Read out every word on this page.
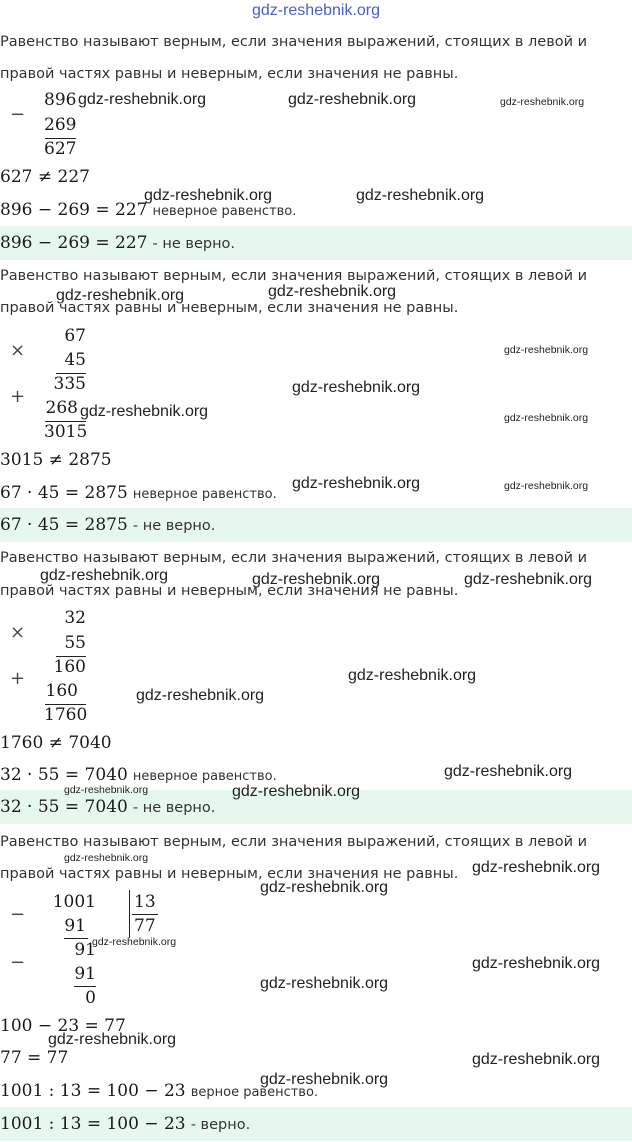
gdz-reshebnik.org
Равенство называют верным, если значения выражений, стоящих в левой и
правой частях равны и неверным, если значения не равны.
−
896
269
627
627 ≠ 227
896 − 269 = 227 неверное равенство.
896 − 269 = 227 - не верно.
Равенство называют верным, если значения выражений, стоящих в левой и
правой частях равны и неверным, если значения не равны.
×
67
45
335
+
268
3015
3015 ≠ 2875
67 · 45 = 2875 неверное равенство.
67 · 45 = 2875 - не верно.
Равенство называют верным, если значения выражений, стоящих в левой и
правой частях равны и неверным, если значения не равны.
×
32
55
160
+
160
1760
1760 ≠ 7040
32 · 55 = 7040 неверное равенство.
32 · 55 = 7040 - не верно.
Равенство называют верным, если значения выражений, стоящих в левой и
правой частях равны и неверным, если значения не равны.
−
1001 13
77
91
91
−
91
0
100 − 23 = 77
77 = 77
1001 : 13 = 100 − 23 верное равенство.
1001 : 13 = 100 − 23 - верно.
gdz-reshebnik.org	gdz-reshebnik.org	gdz-reshebnik.org
gdz-reshebnik.org	gdz-reshebnik.org
gdz-reshebnik.org	gdz-reshebnik.org
gdz-reshebnik.org
gdz-reshebnik.org
gdz-reshebnik.org	gdz-reshebnik.org
gdz-reshebnik.org	gdz-reshebnik.org
gdz-reshebnik.org	gdz-reshebnik.org	gdz-reshebnik.org
gdz-reshebnik.org
gdz-reshebnik.org
gdz-reshebnik.org
gdz-reshebnik.org	gdz-reshebnik.org
gdz-reshebnik.org
gdz-reshebnik.org
gdz-reshebnik.org
gdz-reshebnik.org
gdz-reshebnik.org
gdz-reshebnik.org
gdz-reshebnik.org
gdz-reshebnik.org
gdz-reshebnik.org
